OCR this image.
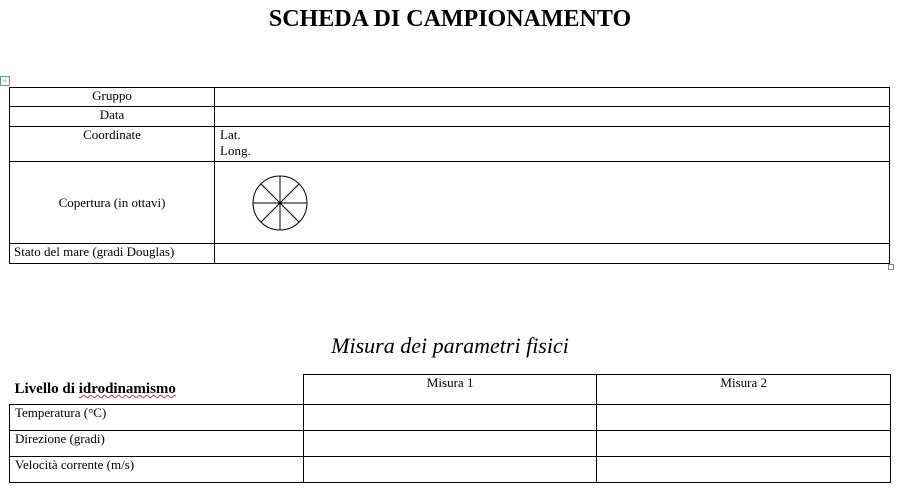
SCHEDA DI CAMPIONAMENTO
+
Gruppo	
Data	
Coordinate	Lat.
Long.

Copertura (in ottavi)	

Stato del mare (gradi Douglas)	
Misura dei parametri fisici
Livello di idrodinamismo	Misura 1	Misura 2
Temperatura (°C)		
Direzione (gradi)		
Velocità corrente (m/s)		
